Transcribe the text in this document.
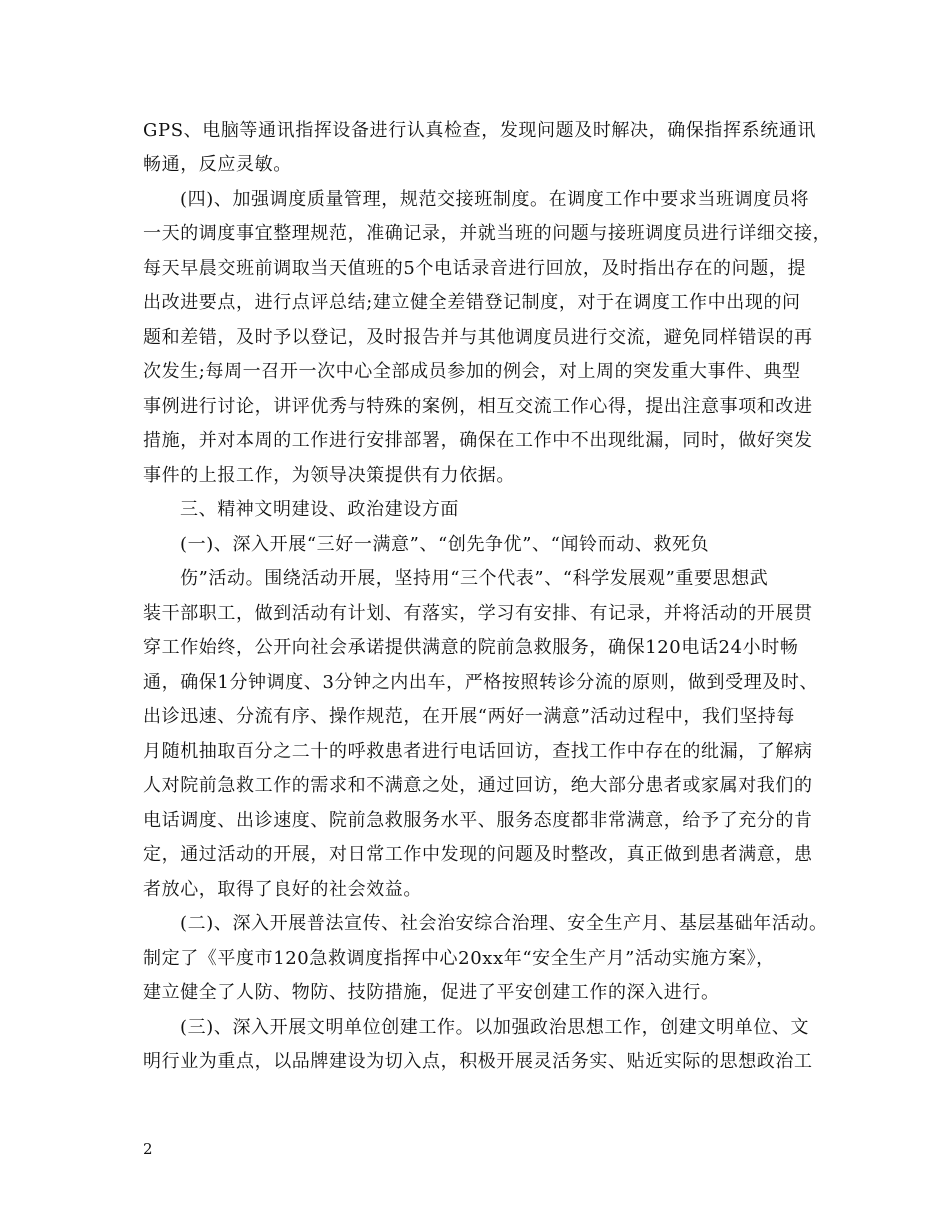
GPS、电脑等通讯指挥设备进行认真检查，发现问题及时解决，确保指挥系统通讯
畅通，反应灵敏。
(四)、加强调度质量管理，规范交接班制度。在调度工作中要求当班调度员将
一天的调度事宜整理规范，准确记录，并就当班的问题与接班调度员进行详细交接，
每天早晨交班前调取当天值班的5个电话录音进行回放，及时指出存在的问题，提
出改进要点，进行点评总结;建立健全差错登记制度，对于在调度工作中出现的问
题和差错，及时予以登记，及时报告并与其他调度员进行交流，避免同样错误的再
次发生;每周一召开一次中心全部成员参加的例会，对上周的突发重大事件、典型
事例进行讨论，讲评优秀与特殊的案例，相互交流工作心得，提出注意事项和改进
措施，并对本周的工作进行安排部署，确保在工作中不出现纰漏，同时，做好突发
事件的上报工作，为领导决策提供有力依据。
三、精神文明建设、政治建设方面
(一)、深入开展“三好一满意”、“创先争优”、“闻铃而动、救死负
伤”活动。围绕活动开展，坚持用“三个代表”、“科学发展观”重要思想武
装干部职工，做到活动有计划、有落实，学习有安排、有记录，并将活动的开展贯
穿工作始终，公开向社会承诺提供满意的院前急救服务，确保120电话24小时畅
通，确保1分钟调度、3分钟之内出车，严格按照转诊分流的原则，做到受理及时、
出诊迅速、分流有序、操作规范，在开展“两好一满意”活动过程中，我们坚持每
月随机抽取百分之二十的呼救患者进行电话回访，查找工作中存在的纰漏，了解病
人对院前急救工作的需求和不满意之处，通过回访，绝大部分患者或家属对我们的
电话调度、出诊速度、院前急救服务水平、服务态度都非常满意，给予了充分的肯
定，通过活动的开展，对日常工作中发现的问题及时整改，真正做到患者满意，患
者放心，取得了良好的社会效益。
(二)、深入开展普法宣传、社会治安综合治理、安全生产月、基层基础年活动。
制定了《平度市120急救调度指挥中心20xx年“安全生产月”活动实施方案》，
建立健全了人防、物防、技防措施，促进了平安创建工作的深入进行。
(三)、深入开展文明单位创建工作。以加强政治思想工作，创建文明单位、文
明行业为重点，以品牌建设为切入点，积极开展灵活务实、贴近实际的思想政治工
2
